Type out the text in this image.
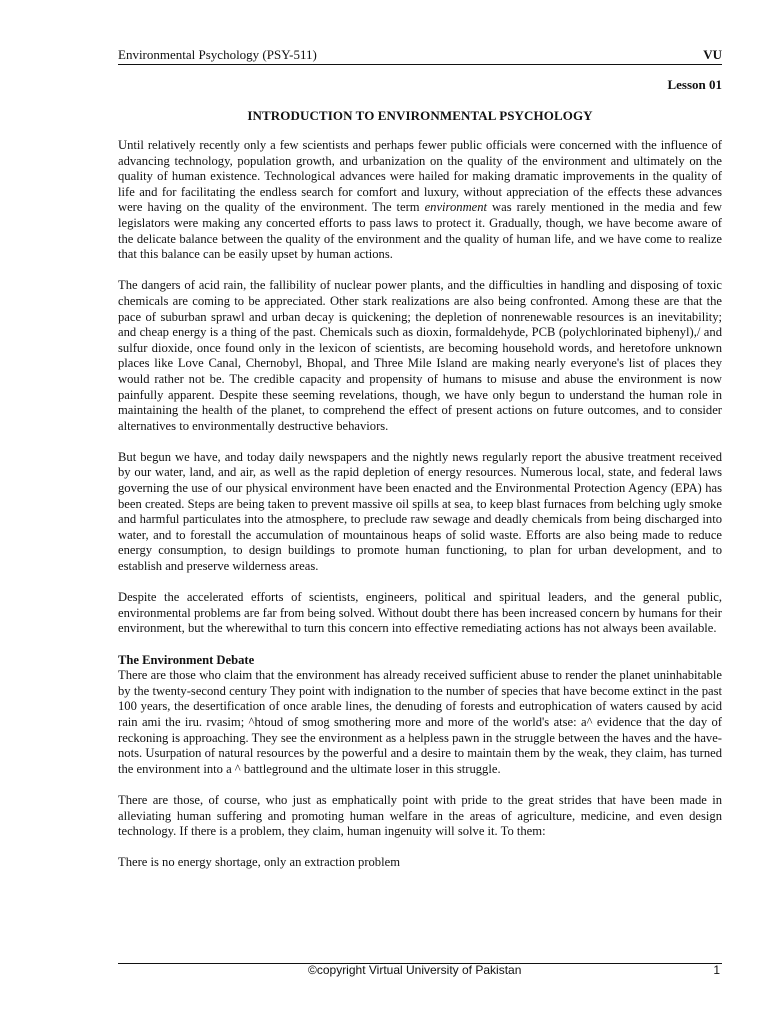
Environmental Psychology (PSY-511)	VU
Lesson 01
INTRODUCTION TO ENVIRONMENTAL PSYCHOLOGY

Until relatively recently only a few scientists and perhaps fewer public officials were concerned with the influence of advancing technology, population growth, and urbanization on the quality of the environment and ultimately on the quality of human existence. Technological advances were hailed for making dramatic improvements in the quality of life and for facilitating the endless search for comfort and luxury, without appreciation of the effects these advances were having on the quality of the environment. The term environment was rarely mentioned in the media and few legislators were making any concerted efforts to pass laws to protect it. Gradually, though, we have become aware of the delicate balance between the quality of the environment and the quality of human life, and we have come to realize that this balance can be easily upset by human actions.

The dangers of acid rain, the fallibility of nuclear power plants, and the difficulties in handling and disposing of toxic chemicals are coming to be appreciated. Other stark realizations are also being confronted. Among these are that the pace of suburban sprawl and urban decay is quickening; the depletion of nonrenewable resources is an inevitability; and cheap energy is a thing of the past. Chemicals such as dioxin, formaldehyde, PCB (polychlorinated biphenyl),/ and sulfur dioxide, once found only in the lexicon of scientists, are becoming household words, and heretofore unknown places like Love Canal, Chernobyl, Bhopal, and Three Mile Island are making nearly everyone's list of places they would rather not be. The credible capacity and propensity of humans to misuse and abuse the environment is now painfully apparent. Despite these seeming revelations, though, we have only begun to understand the human role in maintaining the health of the planet, to comprehend the effect of present actions on future outcomes, and to consider alternatives to environmentally destructive behaviors.

But begun we have, and today daily newspapers and the nightly news regularly report the abusive treatment received by our water, land, and air, as well as the rapid depletion of energy resources. Numerous local, state, and federal laws governing the use of our physical environment have been enacted and the Environmental Protection Agency (EPA) has been created. Steps are being taken to prevent massive oil spills at sea, to keep blast furnaces from belching ugly smoke and harmful particulates into the atmosphere, to preclude raw sewage and deadly chemicals from being discharged into water, and to forestall the accumulation of mountainous heaps of solid waste. Efforts are also being made to reduce energy consumption, to design buildings to promote human functioning, to plan for urban development, and to establish and preserve wilderness areas.

Despite the accelerated efforts of scientists, engineers, political and spiritual leaders, and the general public, environmental problems are far from being solved. Without doubt there has been increased concern by humans for their environment, but the wherewithal to turn this concern into effective remediating actions has not always been available.

The Environment Debate
There are those who claim that the environment has already received sufficient abuse to render the planet uninhabitable by the twenty-second century They point with indignation to the number of species that have become extinct in the past 100 years, the desertification of once arable lines, the denuding of forests and eutrophication of waters caused by acid rain ami the iru. rvasim; ^htoud of smog smothering more and more of the world's atse: a^ evidence that the day of reckoning is approaching. They see the environment as a helpless pawn in the struggle between the haves and the have-nots. Usurpation of natural resources by the powerful and a desire to maintain them by the weak, they claim, has turned the environment into a ^ battleground and the ultimate loser in this struggle.

There are those, of course, who just as emphatically point with pride to the great strides that have been made in alleviating human suffering and promoting human welfare in the areas of agriculture, medicine, and even design technology. If there is a problem, they claim, human ingenuity will solve it. To them:

There is no energy shortage, only an extraction problem

©copyright Virtual University of Pakistan	1
